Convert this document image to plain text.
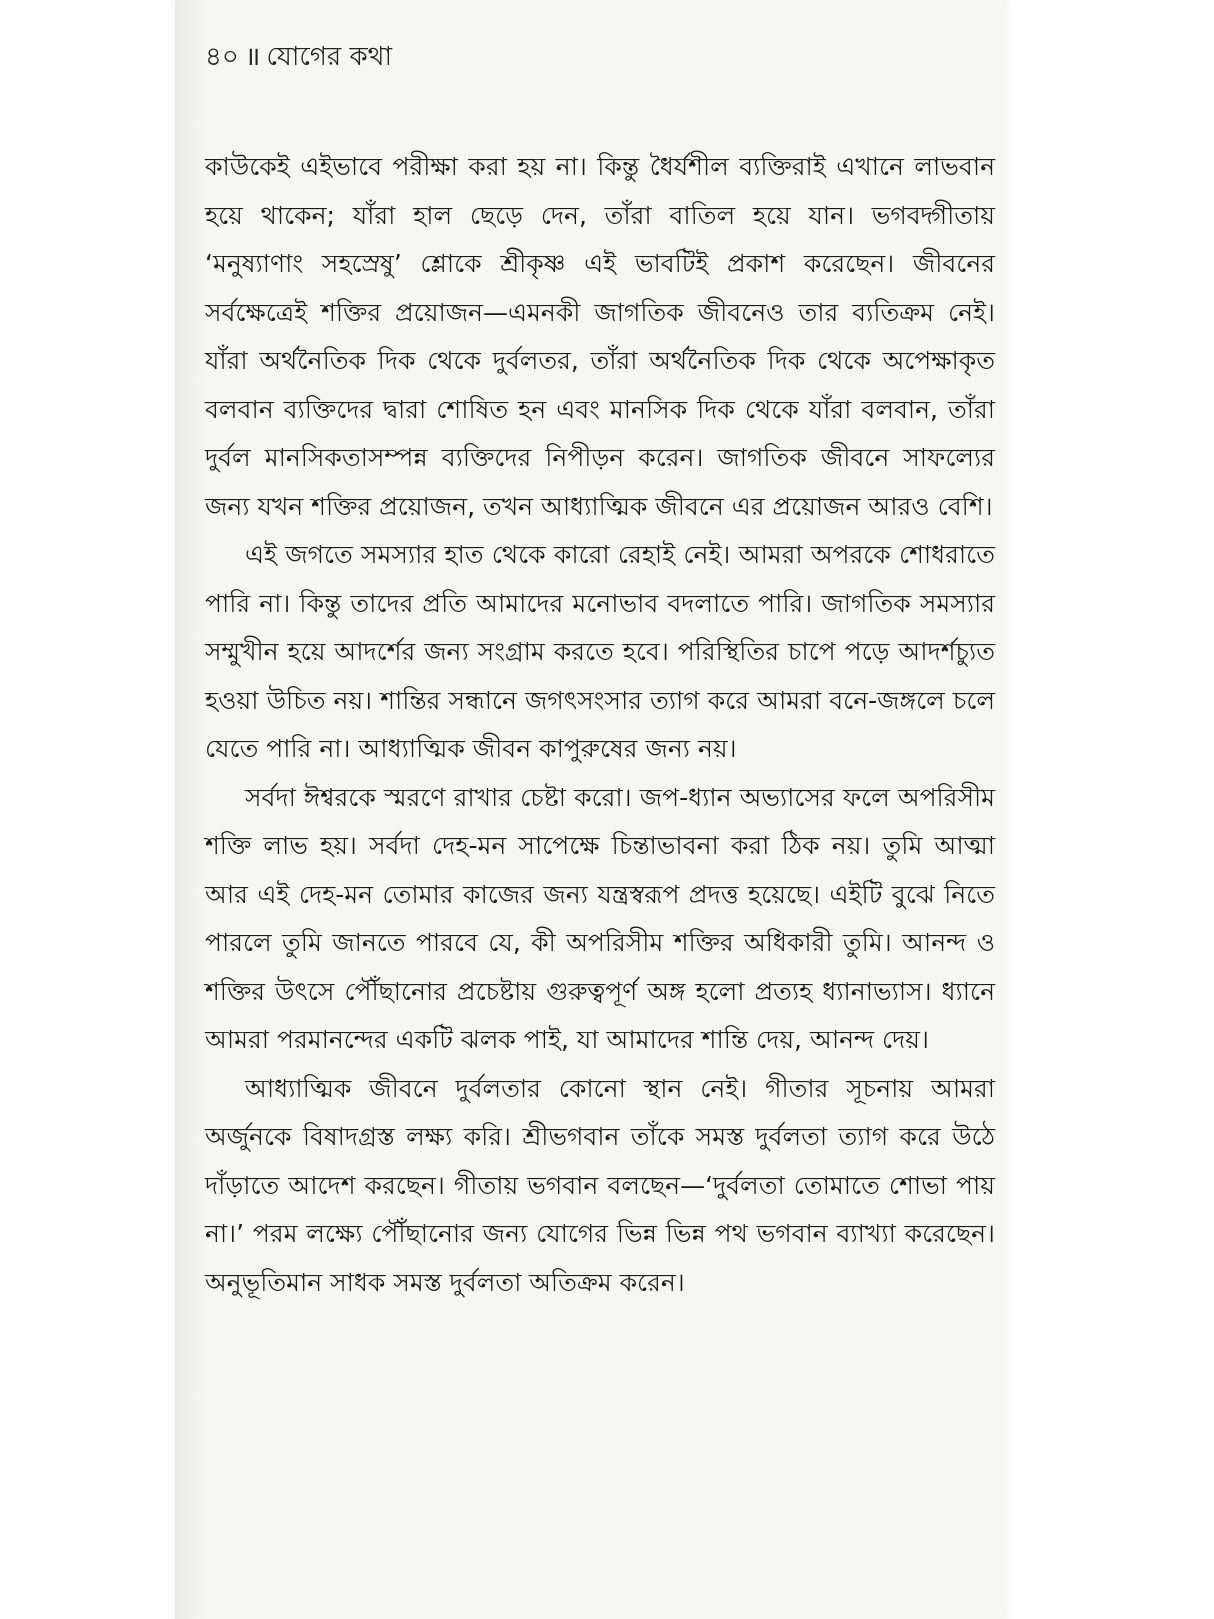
৪০ ॥ যোগের কথা

কাউকেই এইভাবে পরীক্ষা করা হয় না। কিন্তু ধৈর্যশীল ব্যক্তিরাই এখানে লাভবান হয়ে থাকেন; যাঁরা হাল ছেড়ে দেন, তাঁরা বাতিল হয়ে যান। ভগবদ্গীতায় ‘মনুষ্যাণাং সহস্রেষু’ শ্লোকে শ্রীকৃষ্ণ এই ভাবটিই প্রকাশ করেছেন। জীবনের সর্বক্ষেত্রেই শক্তির প্রয়োজন—এমনকী জাগতিক জীবনেও তার ব্যতিক্রম নেই। যাঁরা অর্থনৈতিক দিক থেকে দুর্বলতর, তাঁরা অর্থনৈতিক দিক থেকে অপেক্ষাকৃত বলবান ব্যক্তিদের দ্বারা শোষিত হন এবং মানসিক দিক থেকে যাঁরা বলবান, তাঁরা দুর্বল মানসিকতাসম্পন্ন ব্যক্তিদের নিপীড়ন করেন। জাগতিক জীবনে সাফল্যের জন্য যখন শক্তির প্রয়োজন, তখন আধ্যাত্মিক জীবনে এর প্রয়োজন আরও বেশি।

এই জগতে সমস্যার হাত থেকে কারো রেহাই নেই। আমরা অপরকে শোধরাতে পারি না। কিন্তু তাদের প্রতি আমাদের মনোভাব বদলাতে পারি। জাগতিক সমস্যার সম্মুখীন হয়ে আদর্শের জন্য সংগ্রাম করতে হবে। পরিস্থিতির চাপে পড়ে আদর্শচ্যুত হওয়া উচিত নয়। শান্তির সন্ধানে জগৎসংসার ত্যাগ করে আমরা বনে-জঙ্গলে চলে যেতে পারি না। আধ্যাত্মিক জীবন কাপুরুষের জন্য নয়।

সর্বদা ঈশ্বরকে স্মরণে রাখার চেষ্টা করো। জপ-ধ্যান অভ্যাসের ফলে অপরিসীম শক্তি লাভ হয়। সর্বদা দেহ-মন সাপেক্ষে চিন্তাভাবনা করা ঠিক নয়। তুমি আত্মা আর এই দেহ-মন তোমার কাজের জন্য যন্ত্রস্বরূপ প্রদত্ত হয়েছে। এইটি বুঝে নিতে পারলে তুমি জানতে পারবে যে, কী অপরিসীম শক্তির অধিকারী তুমি। আনন্দ ও শক্তির উৎসে পৌঁছানোর প্রচেষ্টায় গুরুত্বপূর্ণ অঙ্গ হলো প্রত্যহ ধ্যানাভ্যাস। ধ্যানে আমরা পরমানন্দের একটি ঝলক পাই, যা আমাদের শান্তি দেয়, আনন্দ দেয়।

আধ্যাত্মিক জীবনে দুর্বলতার কোনো স্থান নেই। গীতার সূচনায় আমরা অর্জুনকে বিষাদগ্রস্ত লক্ষ্য করি। শ্রীভগবান তাঁকে সমস্ত দুর্বলতা ত্যাগ করে উঠে দাঁড়াতে আদেশ করছেন। গীতায় ভগবান বলছেন—‘দুর্বলতা তোমাতে শোভা পায় না।’ পরম লক্ষ্যে পৌঁছানোর জন্য যোগের ভিন্ন ভিন্ন পথ ভগবান ব্যাখ্যা করেছেন। অনুভূতিমান সাধক সমস্ত দুর্বলতা অতিক্রম করেন।
